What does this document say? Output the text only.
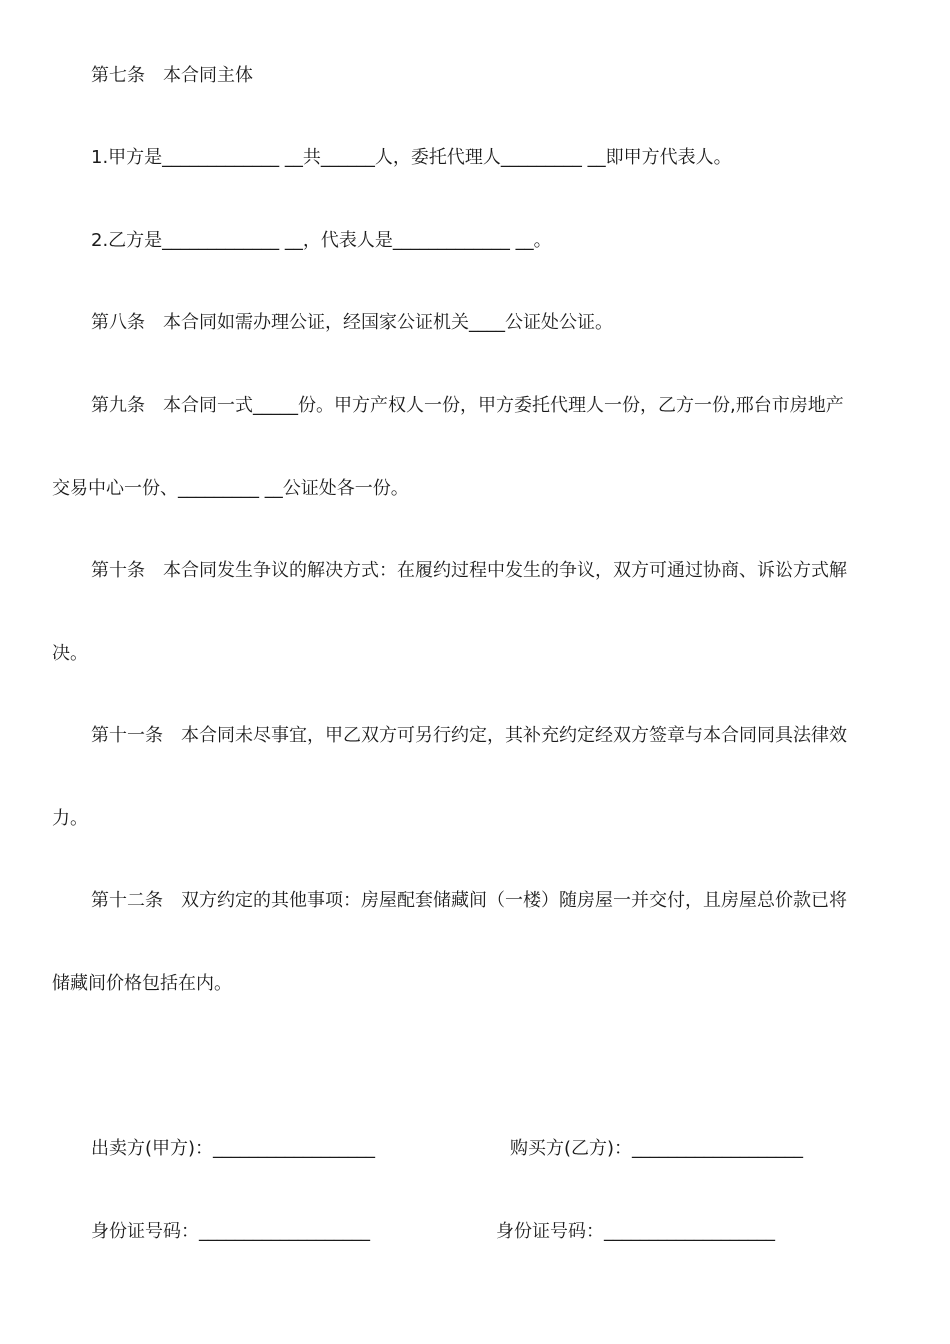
第七条　本合同主体
1.甲方是_____________ __共______人，委托代理人_________ __即甲方代表人。
2.乙方是_____________ __，代表人是_____________ __。
第八条　本合同如需办理公证，经国家公证机关____公证处公证。
第九条　本合同一式_____份。甲方产权人一份，甲方委托代理人一份，乙方一份,邢台市房地产
交易中心一份、_________ __公证处各一份。
第十条　本合同发生争议的解决方式：在履约过程中发生的争议，双方可通过协商、诉讼方式解
决。
第十一条　本合同未尽事宜，甲乙双方可另行约定，其补充约定经双方签章与本合同同具法律效
力。
第十二条　双方约定的其他事项：房屋配套储藏间（一楼）随房屋一并交付，且房屋总价款已将
储藏间价格包括在内。
出卖方(甲方)：__________________	购买方(乙方)：___________________
身份证号码：___________________	身份证号码：___________________
